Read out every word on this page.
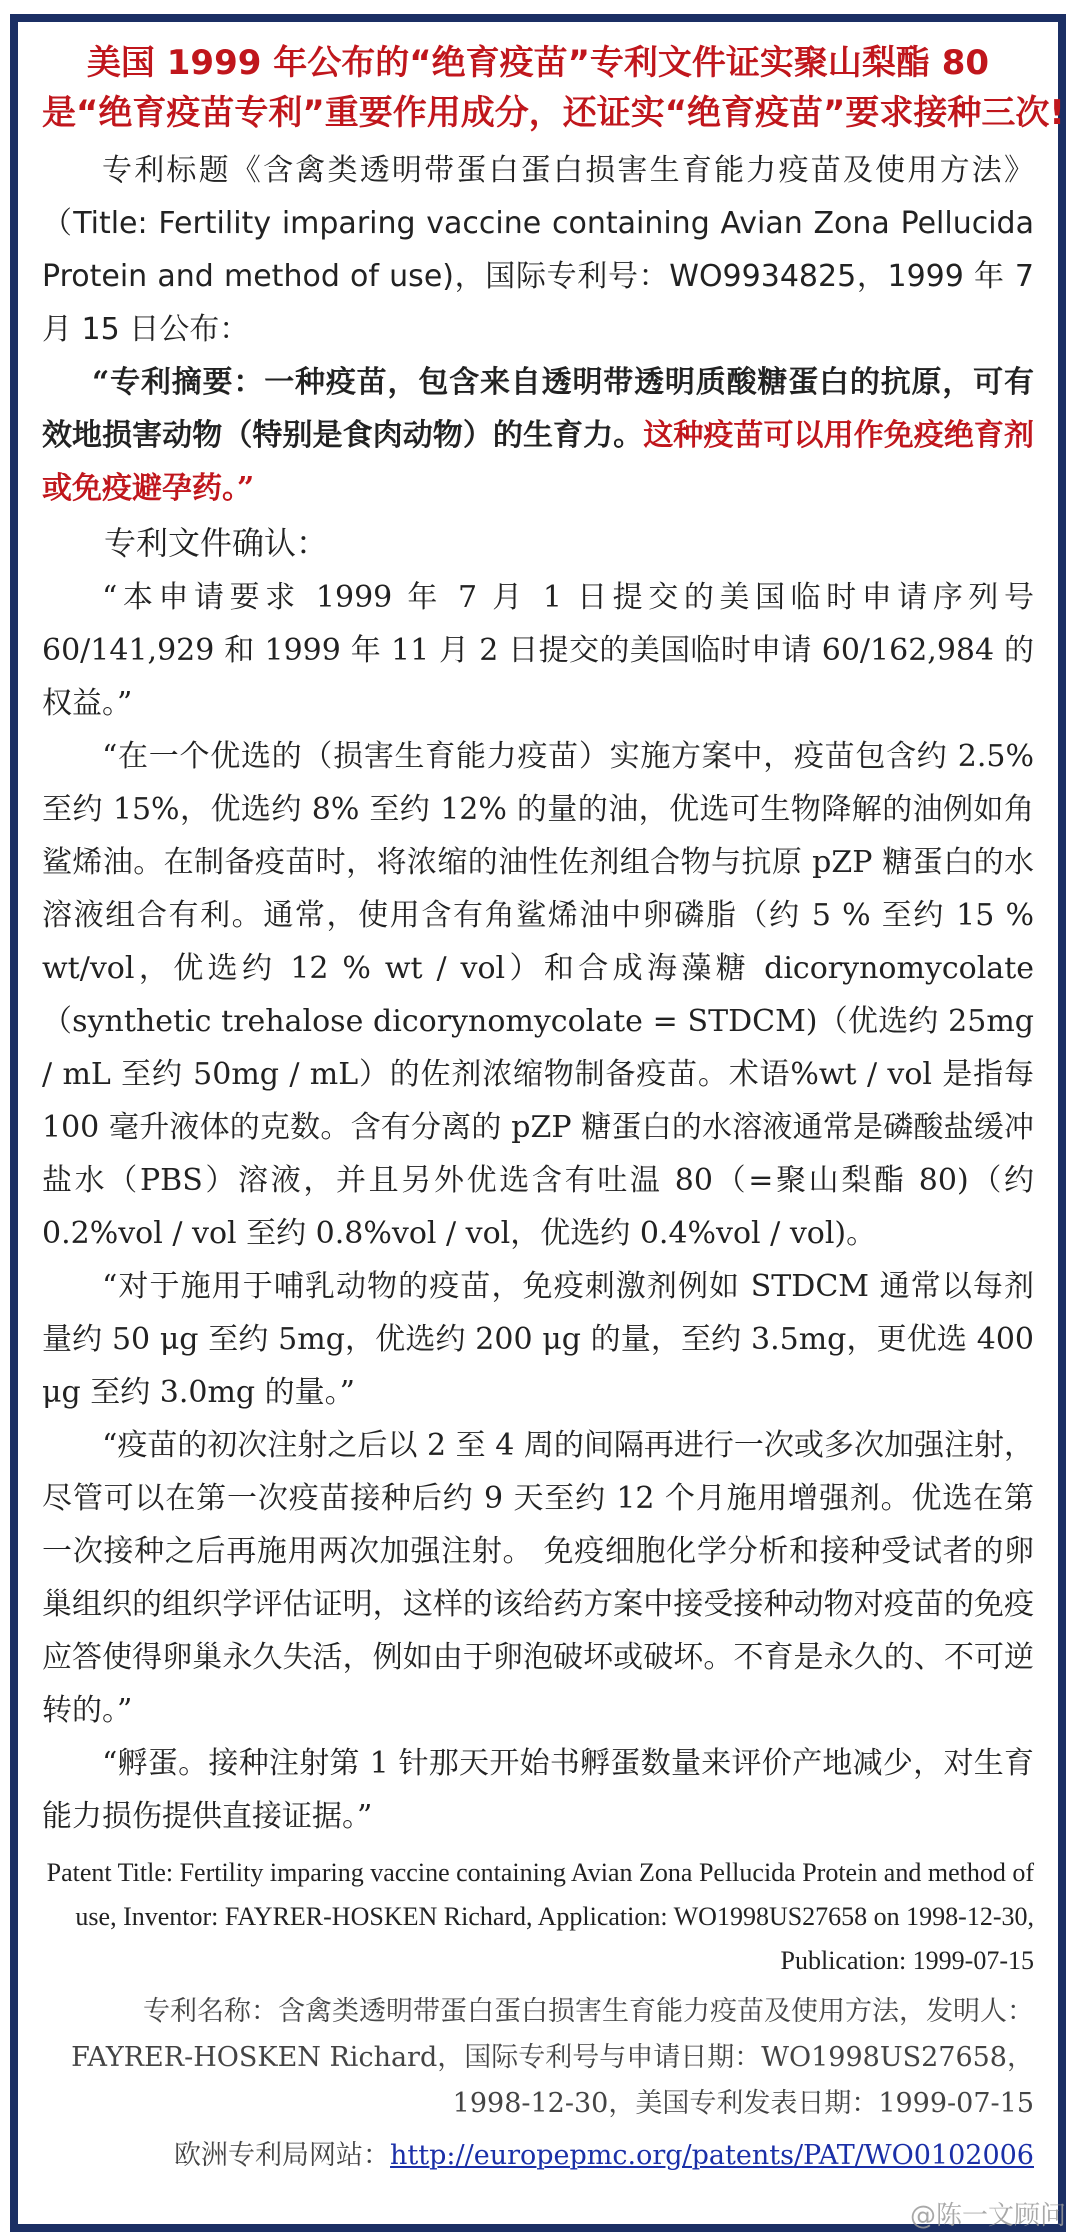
美国 1999 年公布的“绝育疫苗”专利文件证实聚山梨酯 80
是“绝育疫苗专利”重要作用成分，还证实“绝育疫苗”要求接种三次!

专利标题《含禽类透明带蛋白蛋白损害生育能力疫苗及使用方法》（Title: Fertility imparing vaccine containing Avian Zona Pellucida Protein and method of use)，国际专利号：WO9934825，1999 年 7 月 15 日公布：

“专利摘要：一种疫苗，包含来自透明带透明质酸糖蛋白的抗原，可有效地损害动物（特别是食肉动物）的生育力。这种疫苗可以用作免疫绝育剂或免疫避孕药。”

专利文件确认：

“本申请要求 1999 年 7 月 1 日提交的美国临时申请序列号 60/141,929 和 1999 年 11 月 2 日提交的美国临时申请 60/162,984 的权益。”

“在一个优选的（损害生育能力疫苗）实施方案中，疫苗包含约 2.5% 至约 15%，优选约 8% 至约 12% 的量的油，优选可生物降解的油例如角鲨烯油。在制备疫苗时，将浓缩的油性佐剂组合物与抗原 pZP 糖蛋白的水溶液组合有利。通常，使用含有角鲨烯油中卵磷脂（约 5 % 至约 15 % wt/vol，优选约 12 % wt / vol）和合成海藻糖 dicorynomycolate（synthetic trehalose dicorynomycolate = STDCM)（优选约 25mg / mL 至约 50mg / mL）的佐剂浓缩物制备疫苗。术语%wt / vol 是指每 100 毫升液体的克数。含有分离的 pZP 糖蛋白的水溶液通常是磷酸盐缓冲盐水（PBS）溶液，并且另外优选含有吐温 80（=聚山梨酯 80)（约 0.2%vol / vol 至约 0.8%vol / vol，优选约 0.4%vol / vol)。

“对于施用于哺乳动物的疫苗，免疫刺激剂例如 STDCM 通常以每剂量约 50 μg 至约 5mg，优选约 200 μg 的量，至约 3.5mg，更优选 400 μg 至约 3.0mg 的量。”

“疫苗的初次注射之后以 2 至 4 周的间隔再进行一次或多次加强注射，尽管可以在第一次疫苗接种后约 9 天至约 12 个月施用增强剂。优选在第一次接种之后再施用两次加强注射。 免疫细胞化学分析和接种受试者的卵巢组织的组织学评估证明，这样的该给药方案中接受接种动物对疫苗的免疫应答使得卵巢永久失活，例如由于卵泡破坏或破坏。不育是永久的、不可逆转的。”

“孵蛋。接种注射第 1 针那天开始书孵蛋数量来评价产地减少，对生育能力损伤提供直接证据。”

Patent Title: Fertility imparing vaccine containing Avian Zona Pellucida Protein and method of use, Inventor: FAYRER-HOSKEN Richard, Application: WO1998US27658 on 1998-12-30, Publication: 1999-07-15
专利名称：含禽类透明带蛋白蛋白损害生育能力疫苗及使用方法，发明人：FAYRER-HOSKEN Richard，国际专利号与申请日期：WO1998US27658，1998-12-30，美国专利发表日期：1999-07-15
欧洲专利局网站：http://europepmc.org/patents/PAT/WO0102006
@陈一文顾问
